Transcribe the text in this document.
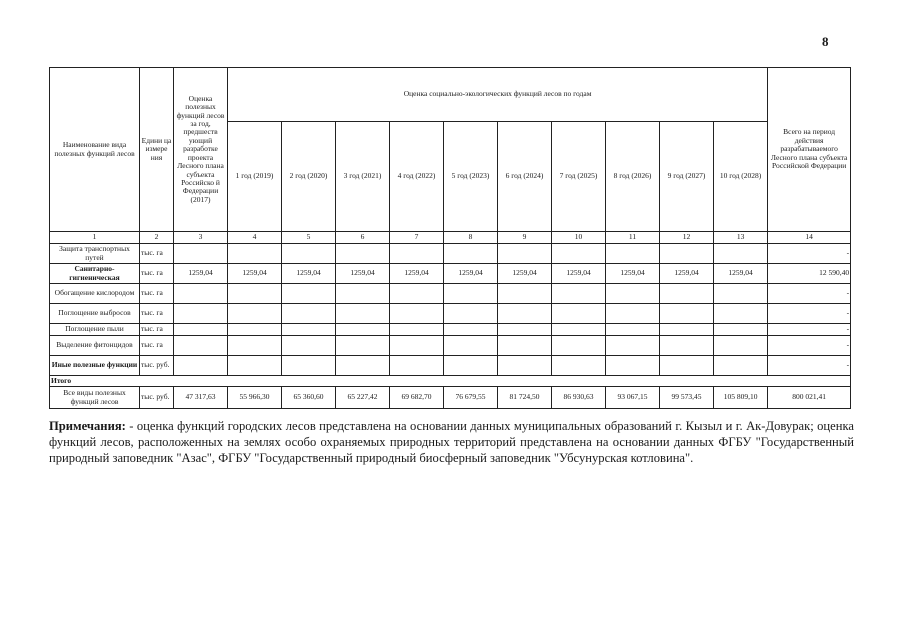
8
Наименование вида полезных функций лесов	Едини ца измере ния	Оценка полезных функций лесов за год, предшеств ующий разработке проекта Лесного плана субъекта Российско й Федерации (2017)	Оценка социально-экологических функций лесов по годам										Всего на период действия разрабатываемого Лесного плана субъекта Российской Федерации
			1 год (2019)	2 год (2020)	3 год (2021)	4 год (2022)	5 год (2023)	6 год (2024)	7 год (2025)	8 год (2026)	9 год (2027)	10 год (2028)	
1	2	3	4	5	6	7	8	9	10	11	12	13	14
Защита транспортных путей	тыс. га												-
Санитарно-гигиеническая	тыс. га	1259,04	1259,04	1259,04	1259,04	1259,04	1259,04	1259,04	1259,04	1259,04	1259,04	1259,04	12 590,40
Обогащение кислородом	тыс. га												-
Поглощение выбросов	тыс. га												-
Поглощение пыли	тыс. га												-
Выделение фитонцидов	тыс. га												-
Иные полезные функции	тыс. руб.												-
Итого													
Все виды полезных функций лесов	тыс. руб.	47 317,63	55 966,30	65 360,60	65 227,42	69 682,70	76 679,55	81 724,50	86 930,63	93 067,15	99 573,45	105 809,10	800 021,41
Примечания: - оценка функций городских лесов представлена на основании данных муниципальных образований г. Кызыл и г. Ак-Довурак; оценка функций лесов, расположенных на землях особо охраняемых природных территорий представлена на основании данных ФГБУ "Государственный природный заповедник "Азас", ФГБУ "Государственный природный биосферный заповедник "Убсунурская котловина".
